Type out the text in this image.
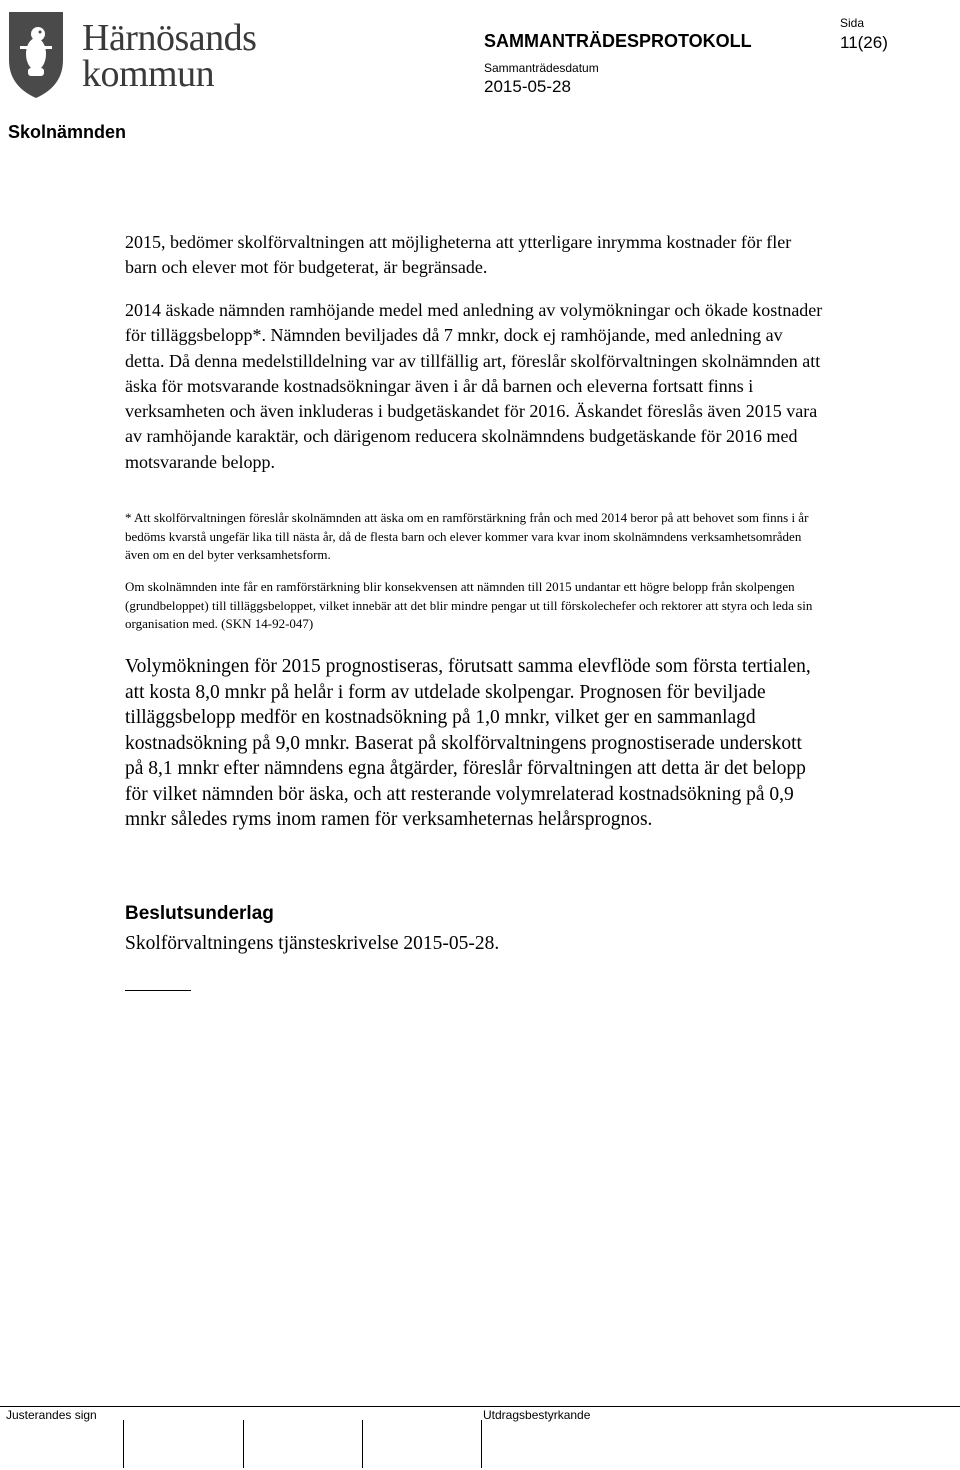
Härnösands
kommun
SAMMANTRÄDESPROTOKOLL
Sammanträdesdatum
2015-05-28
Sida
11(26)
Skolnämnden

2015, bedömer skolförvaltningen att möjligheterna att ytterligare inrymma kostnader för fler barn och elever mot för budgeterat, är begränsade.

2014 äskade nämnden ramhöjande medel med anledning av volymökningar och ökade kostnader för tilläggsbelopp*. Nämnden beviljades då 7 mnkr, dock ej ramhöjande, med anledning av detta. Då denna medelstilldelning var av tillfällig art, föreslår skolförvaltningen skolnämnden att äska för motsvarande kostnadsökningar även i år då barnen och eleverna fortsatt finns i verksamheten och även inkluderas i budgetäskandet för 2016. Äskandet föreslås även 2015 vara av ramhöjande karaktär, och därigenom reducera skolnämndens budgetäskande för 2016 med motsvarande belopp.

* Att skolförvaltningen föreslår skolnämnden att äska om en ramförstärkning från och med 2014 beror på att behovet som finns i år bedöms kvarstå ungefär lika till nästa år, då de flesta barn och elever kommer vara kvar inom skolnämndens verksamhetsområden även om en del byter verksamhetsform.

Om skolnämnden inte får en ramförstärkning blir konsekvensen att nämnden till 2015 undantar ett högre belopp från skolpengen (grundbeloppet) till tilläggsbeloppet, vilket innebär att det blir mindre pengar ut till förskolechefer och rektorer att styra och leda sin organisation med. (SKN 14-92-047)

Volymökningen för 2015 prognostiseras, förutsatt samma elevflöde som första tertialen, att kosta 8,0 mnkr på helår i form av utdelade skolpengar. Prognosen för beviljade tilläggsbelopp medför en kostnadsökning på 1,0 mnkr, vilket ger en sammanlagd kostnadsökning på 9,0 mnkr. Baserat på skolförvaltningens prognostiserade underskott på 8,1 mnkr efter nämndens egna åtgärder, föreslår förvaltningen att detta är det belopp för vilket nämnden bör äska, och att resterande volymrelaterad kostnadsökning på 0,9 mnkr således ryms inom ramen för verksamheternas helårsprognos.

Beslutsunderlag
Skolförvaltningens tjänsteskrivelse 2015-05-28.
Justerandes sign	Utdragsbestyrkande
